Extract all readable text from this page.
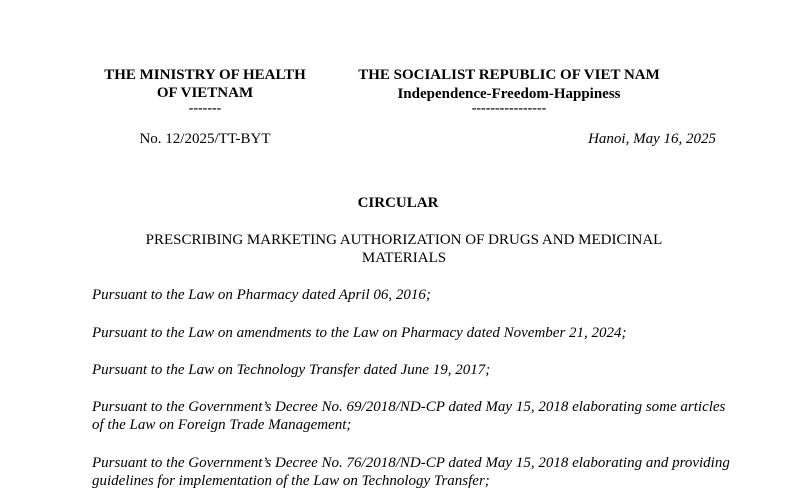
THE MINISTRY OF HEALTH
OF VIETNAM
-------
No. 12/2025/TT-BYT
THE SOCIALIST REPUBLIC OF VIET NAM
Independence-Freedom-Happiness
----------------
Hanoi, May 16, 2025
CIRCULAR
PRESCRIBING MARKETING AUTHORIZATION OF DRUGS AND MEDICINAL MATERIALS
Pursuant to the Law on Pharmacy dated April 06, 2016;
Pursuant to the Law on amendments to the Law on Pharmacy dated November 21, 2024;
Pursuant to the Law on Technology Transfer dated June 19, 2017;
Pursuant to the Government’s Decree No. 69/2018/ND-CP dated May 15, 2018 elaborating some articles of the Law on Foreign Trade Management;
Pursuant to the Government’s Decree No. 76/2018/ND-CP dated May 15, 2018 elaborating and providing guidelines for implementation of the Law on Technology Transfer;
